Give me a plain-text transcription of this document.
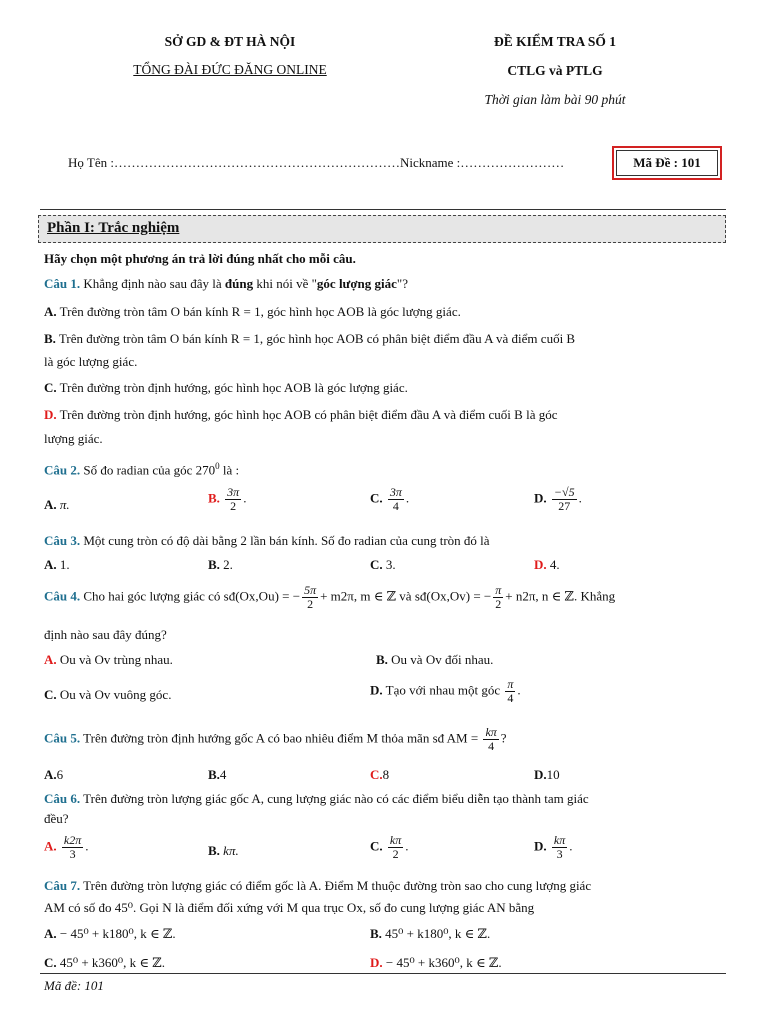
SỞ GD & ĐT HÀ NỘI
TỔNG ĐÀI ĐỨC ĐĂNG ONLINE
ĐỀ KIỂM TRA SỐ 1
CTLG và PTLG
Thời gian làm bài 90 phút
Họ Tên :…………………………………………………………Nickname :……………………	Mã Đề : 101
Phần I: Trắc nghiệm
Hãy chọn một phương án trả lời đúng nhất cho mỗi câu.
Câu 1. Khẳng định nào sau đây là đúng khi nói về "góc lượng giác"?
A. Trên đường tròn tâm O bán kính R = 1, góc hình học AOB là góc lượng giác.
B. Trên đường tròn tâm O bán kính R = 1, góc hình học AOB có phân biệt điểm đầu A và điểm cuối B
là góc lượng giác.
C. Trên đường tròn định hướng, góc hình học AOB là góc lượng giác.
D. Trên đường tròn định hướng, góc hình học AOB có phân biệt điểm đầu A và điểm cuối B là góc
lượng giác.
Câu 2. Số đo radian của góc $270^0$ là :
A. π.	B. $\frac{3\pi}{2}$ .	C. $\frac{3\pi}{4}$ .	D. $\frac{-√5}{27}$ .
Câu 3. Một cung tròn có độ dài bằng 2 lần bán kính. Số đo radian của cung tròn đó là
A. 1.	B. 2.	C. 3.	D. 4.
Câu 4. Cho hai góc lượng giác có sđ(Ox,Ou) = − $\frac{5\pi}{2} + m2\pi$, m ∈ ℤ và sđ(Ox,Ov) = − $\frac{\pi}{2} + n2\pi$, n ∈ ℤ. Khẳng
định nào sau đây đúng?
A. Ou và Ov trùng nhau.	B. Ou và Ov đối nhau.
C. Ou và Ov vuông góc.	D. Tạo với nhau một góc $\frac{\pi}{4}$ .
Câu 5. Trên đường tròn định hướng gốc A có bao nhiêu điểm M thỏa mãn sđ AM = $\frac{k\pi}{4}$ ?
A.6	B.4	C.8	D.10
Câu 6. Trên đường tròn lượng giác gốc A, cung lượng giác nào có các điểm biểu diễn tạo thành tam giác
đều?
A. $\frac{k2\pi}{3}$ .	B. kπ.	C. $\frac{k\pi}{2}$ .	D. $\frac{k\pi}{3}$ .
Câu 7. Trên đường tròn lượng giác có điểm gốc là A. Điểm M thuộc đường tròn sao cho cung lượng giác
AM có số đo 45⁰. Gọi N là điểm đối xứng với M qua trục Ox, số đo cung lượng giác AN bằng
A. − 45⁰ + k180⁰, k ∈ ℤ.	B. 45⁰ + k180⁰, k ∈ ℤ.
C. 45⁰ + k360⁰, k ∈ ℤ.	D. − 45⁰ + k360⁰, k ∈ ℤ.
Mã đề: 101
